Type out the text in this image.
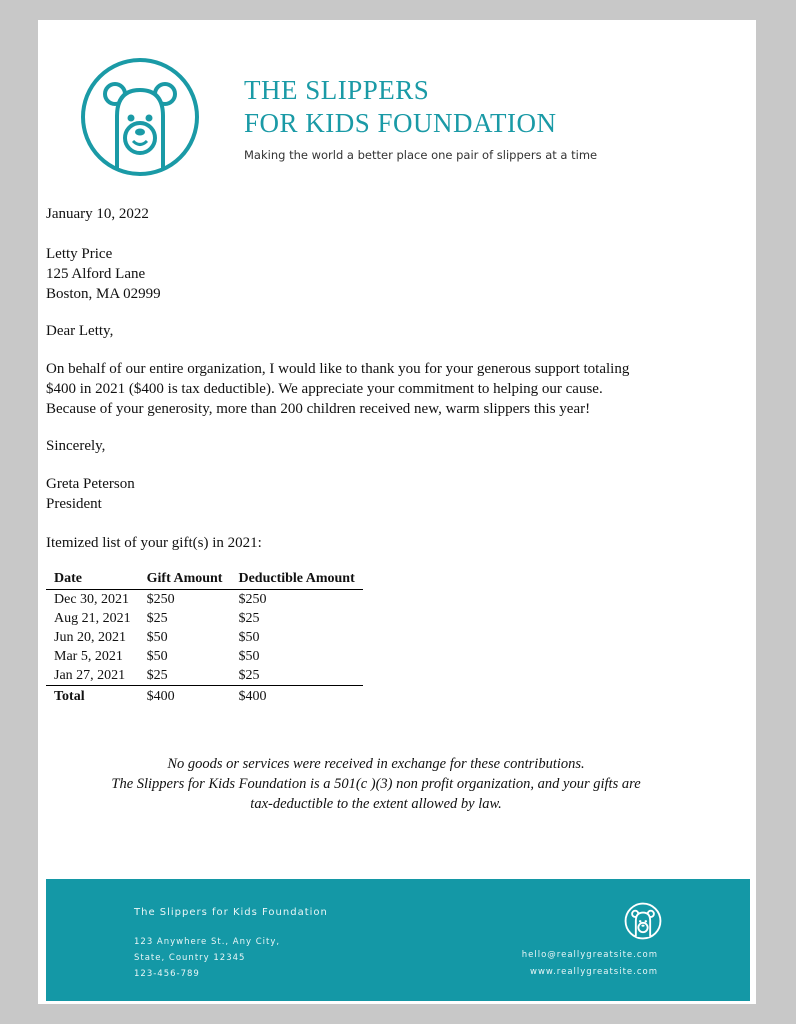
THE SLIPPERS
FOR KIDS FOUNDATION
Making the world a better place one pair of slippers at a time
January 10, 2022
Letty Price
125 Alford Lane
Boston, MA 02999
Dear Letty,
On behalf of our entire organization, I would like to thank you for your generous support totaling
$400 in 2021 ($400 is tax deductible). We appreciate your commitment to helping our cause.
Because of your generosity, more than 200 children received new, warm slippers this year!
Sincerely,
Greta Peterson
President
Itemized list of your gift(s) in 2021:
Date	Gift Amount	Deductible Amount
Dec 30, 2021	$250	$250
Aug 21, 2021	$25	$25
Jun 20, 2021	$50	$50
Mar 5, 2021	$50	$50
Jan 27, 2021	$25	$25
Total	$400	$400
No goods or services were received in exchange for these contributions.
The Slippers for Kids Foundation is a 501(c )(3) non profit organization, and your gifts are
tax-deductible to the extent allowed by law.
The Slippers for Kids Foundation
123 Anywhere St., Any City,
State, Country 12345
123-456-789
hello@reallygreatsite.com
www.reallygreatsite.com
